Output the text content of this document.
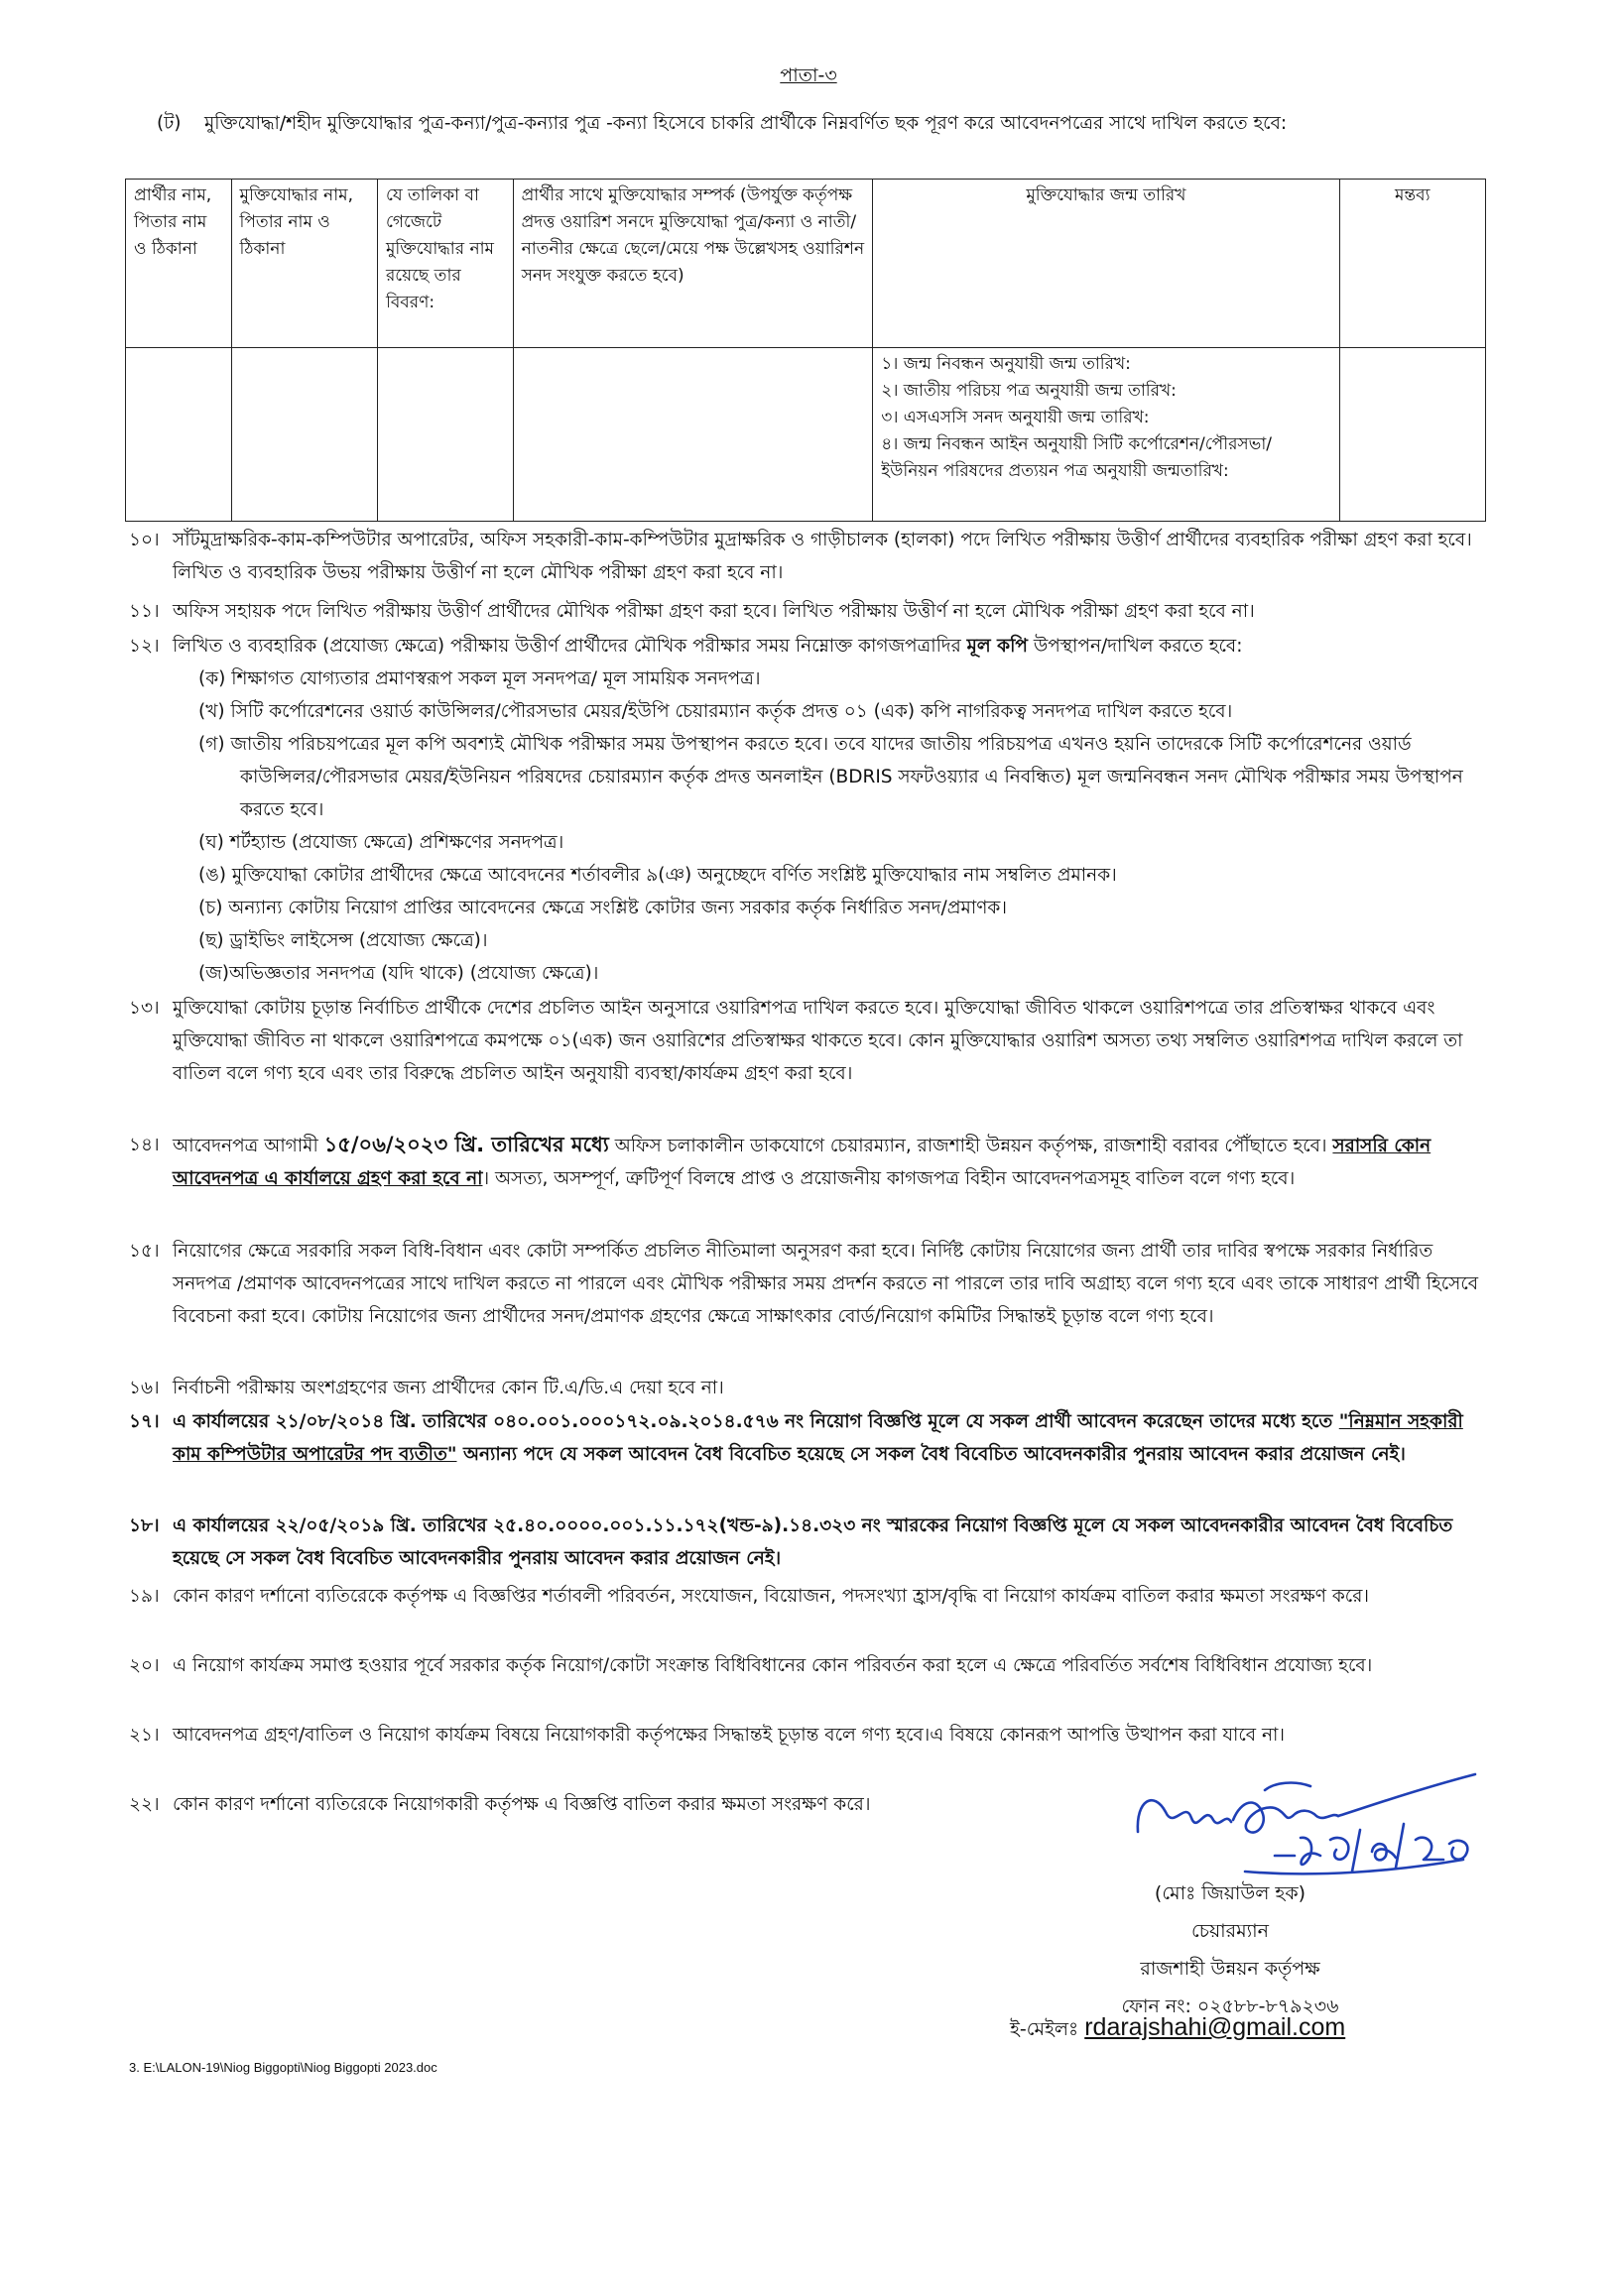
পাতা-৩
(ট)	মুক্তিযোদ্ধা/শহীদ মুক্তিযোদ্ধার পুত্র-কন্যা/পুত্র-কন্যার পুত্র -কন্যা হিসেবে চাকরি প্রার্থীকে নিম্নবর্ণিত ছক পূরণ করে আবেদনপত্রের সাথে দাখিল করতে হবে:
প্রার্থীর নাম, পিতার নাম ও ঠিকানা	মুক্তিযোদ্ধার নাম, পিতার নাম ও ঠিকানা	যে তালিকা বা গেজেটে মুক্তিযোদ্ধার নাম রয়েছে তার বিবরণ:	প্রার্থীর সাথে মুক্তিযোদ্ধার সম্পর্ক (উপর্যুক্ত কর্তৃপক্ষ প্রদত্ত ওয়ারিশ সনদে মুক্তিযোদ্ধা পুত্র/কন্যা ও নাতী/নাতনীর ক্ষেত্রে ছেলে/মেয়ে পক্ষ উল্লেখসহ ওয়ারিশন সনদ সংযুক্ত করতে হবে)	মুক্তিযোদ্ধার জন্ম তারিখ	মন্তব্য

				১। জন্ম নিবন্ধন অনুযায়ী জন্ম তারিখ:
২। জাতীয় পরিচয় পত্র অনুযায়ী জন্ম তারিখ:
৩। এসএসসি সনদ অনুযায়ী জন্ম তারিখ:
৪। জন্ম নিবন্ধন আইন অনুযায়ী সিটি কর্পোরেশন/পৌরসভা/ ইউনিয়ন পরিষদের প্রত্যয়ন পত্র অনুযায়ী জন্মতারিখ:	

১০। সাঁটমুদ্রাক্ষরিক-কাম-কম্পিউটার অপারেটর, অফিস সহকারী-কাম-কম্পিউটার মুদ্রাক্ষরিক ও গাড়ীচালক (হালকা) পদে লিখিত পরীক্ষায় উত্তীর্ণ প্রার্থীদের ব্যবহারিক পরীক্ষা গ্রহণ করা হবে। লিখিত ও ব্যবহারিক উভয় পরীক্ষায় উত্তীর্ণ না হলে মৌখিক পরীক্ষা গ্রহণ করা হবে না।
১১। অফিস সহায়ক পদে লিখিত পরীক্ষায় উত্তীর্ণ প্রার্থীদের মৌখিক পরীক্ষা গ্রহণ করা হবে। লিখিত পরীক্ষায় উত্তীর্ণ না হলে মৌখিক পরীক্ষা গ্রহণ করা হবে না।
১২। লিখিত ও ব্যবহারিক (প্রযোজ্য ক্ষেত্রে) পরীক্ষায় উত্তীর্ণ প্রার্থীদের মৌখিক পরীক্ষার সময় নিম্নোক্ত কাগজপত্রাদির মূল কপি উপস্থাপন/দাখিল করতে হবে:
(ক) শিক্ষাগত যোগ্যতার প্রমাণস্বরূপ সকল মূল সনদপত্র/ মূল সাময়িক সনদপত্র।
(খ) সিটি কর্পোরেশনের ওয়ার্ড কাউন্সিলর/পৌরসভার মেয়র/ইউপি চেয়ারম্যান কর্তৃক প্রদত্ত ০১ (এক) কপি নাগরিকত্ব সনদপত্র দাখিল করতে হবে।
(গ) জাতীয় পরিচয়পত্রের মূল কপি অবশ্যই মৌখিক পরীক্ষার সময় উপস্থাপন করতে হবে। তবে যাদের জাতীয় পরিচয়পত্র এখনও হয়নি তাদেরকে সিটি কর্পোরেশনের ওয়ার্ড কাউন্সিলর/পৌরসভার মেয়র/ইউনিয়ন পরিষদের চেয়ারম্যান কর্তৃক প্রদত্ত অনলাইন (BDRIS সফটওয়্যার এ নিবন্ধিত) মূল জন্মনিবন্ধন সনদ মৌখিক পরীক্ষার সময় উপস্থাপন করতে হবে।
(ঘ) শর্টহ্যান্ড (প্রযোজ্য ক্ষেত্রে) প্রশিক্ষণের সনদপত্র।
(ঙ) মুক্তিযোদ্ধা কোটার প্রার্থীদের ক্ষেত্রে আবেদনের শর্তাবলীর ৯(ঞ) অনুচ্ছেদে বর্ণিত সংশ্লিষ্ট মুক্তিযোদ্ধার নাম সম্বলিত প্রমানক।
(চ) অন্যান্য কোটায় নিয়োগ প্রাপ্তির আবেদনের ক্ষেত্রে সংশ্লিষ্ট কোটার জন্য সরকার কর্তৃক নির্ধারিত সনদ/প্রমাণক।
(ছ) ড্রাইভিং লাইসেন্স (প্রযোজ্য ক্ষেত্রে)।
(জ)অভিজ্ঞতার সনদপত্র (যদি থাকে) (প্রযোজ্য ক্ষেত্রে)।
১৩। মুক্তিযোদ্ধা কোটায় চূড়ান্ত নির্বাচিত প্রার্থীকে দেশের প্রচলিত আইন অনুসারে ওয়ারিশপত্র দাখিল করতে হবে। মুক্তিযোদ্ধা জীবিত থাকলে ওয়ারিশপত্রে তার প্রতিস্বাক্ষর থাকবে এবং মুক্তিযোদ্ধা জীবিত না থাকলে ওয়ারিশপত্রে কমপক্ষে ০১(এক) জন ওয়ারিশের প্রতিস্বাক্ষর থাকতে হবে। কোন মুক্তিযোদ্ধার ওয়ারিশ অসত্য তথ্য সম্বলিত ওয়ারিশপত্র দাখিল করলে তা বাতিল বলে গণ্য হবে এবং তার বিরুদ্ধে প্রচলিত আইন অনুযায়ী ব্যবস্থা/কার্যক্রম গ্রহণ করা হবে।
১৪। আবেদনপত্র আগামী ১৫/০৬/২০২৩ খ্রি. তারিখের মধ্যে অফিস চলাকালীন ডাকযোগে চেয়ারম্যান, রাজশাহী উন্নয়ন কর্তৃপক্ষ, রাজশাহী বরাবর পৌঁছাতে হবে। সরাসরি কোন আবেদনপত্র এ কার্যালয়ে গ্রহণ করা হবে না। অসত্য, অসম্পূর্ণ, ত্রুটিপূর্ণ বিলম্বে প্রাপ্ত ও প্রয়োজনীয় কাগজপত্র বিহীন আবেদনপত্রসমূহ বাতিল বলে গণ্য হবে।
১৫। নিয়োগের ক্ষেত্রে সরকারি সকল বিধি-বিধান এবং কোটা সম্পর্কিত প্রচলিত নীতিমালা অনুসরণ করা হবে। নির্দিষ্ট কোটায় নিয়োগের জন্য প্রার্থী তার দাবির স্বপক্ষে সরকার নির্ধারিত সনদপত্র /প্রমাণক আবেদনপত্রের সাথে দাখিল করতে না পারলে এবং মৌখিক পরীক্ষার সময় প্রদর্শন করতে না পারলে তার দাবি অগ্রাহ্য বলে গণ্য হবে এবং তাকে সাধারণ প্রার্থী হিসেবে বিবেচনা করা হবে। কোটায় নিয়োগের জন্য প্রার্থীদের সনদ/প্রমাণক গ্রহণের ক্ষেত্রে সাক্ষাৎকার বোর্ড/নিয়োগ কমিটির সিদ্ধান্তই চূড়ান্ত বলে গণ্য হবে।
১৬। নির্বাচনী পরীক্ষায় অংশগ্রহণের জন্য প্রার্থীদের কোন টি.এ/ডি.এ দেয়া হবে না।
১৭। এ কার্যালয়ের ২১/০৮/২০১৪ খ্রি. তারিখের ০৪০.০০১.০০০১৭২.০৯.২০১৪.৫৭৬ নং নিয়োগ বিজ্ঞপ্তি মূলে যে সকল প্রার্থী আবেদন করেছেন তাদের মধ্যে হতে "নিম্নমান সহকারী কাম কম্পিউটার অপারেটর পদ ব্যতীত" অন্যান্য পদে যে সকল আবেদন বৈধ বিবেচিত হয়েছে সে সকল বৈধ বিবেচিত আবেদনকারীর পুনরায় আবেদন করার প্রয়োজন নেই।
১৮। এ কার্যালয়ের ২২/০৫/২০১৯ খ্রি. তারিখের ২৫.৪০.০০০০.০০১.১১.১৭২(খন্ড-৯).১৪.৩২৩ নং স্মারকের নিয়োগ বিজ্ঞপ্তি মূলে যে সকল আবেদনকারীর আবেদন বৈধ বিবেচিত হয়েছে সে সকল বৈধ বিবেচিত আবেদনকারীর পুনরায় আবেদন করার প্রয়োজন নেই।
১৯। কোন কারণ দর্শানো ব্যতিরেকে কর্তৃপক্ষ এ বিজ্ঞপ্তির শর্তাবলী পরিবর্তন, সংযোজন, বিয়োজন, পদসংখ্যা হ্রাস/বৃদ্ধি বা নিয়োগ কার্যক্রম বাতিল করার ক্ষমতা সংরক্ষণ করে।
২০। এ নিয়োগ কার্যক্রম সমাপ্ত হওয়ার পূর্বে সরকার কর্তৃক নিয়োগ/কোটা সংক্রান্ত বিধিবিধানের কোন পরিবর্তন করা হলে এ ক্ষেত্রে পরিবর্তিত সর্বশেষ বিধিবিধান প্রযোজ্য হবে।
২১। আবেদনপত্র গ্রহণ/বাতিল ও নিয়োগ কার্যক্রম বিষয়ে নিয়োগকারী কর্তৃপক্ষের সিদ্ধান্তই চূড়ান্ত বলে গণ্য হবে।এ বিষয়ে কোনরূপ আপত্তি উত্থাপন করা যাবে না।
২২। কোন কারণ দর্শানো ব্যতিরেকে নিয়োগকারী কর্তৃপক্ষ এ বিজ্ঞপ্তি বাতিল করার ক্ষমতা সংরক্ষণ করে।
(মোঃ জিয়াউল হক)
চেয়ারম্যান
রাজশাহী উন্নয়ন কর্তৃপক্ষ
ফোন নং: ০২৫৮৮-৮৭৯২৩৬
ই-মেইলঃ rdarajshahi@gmail.com
3. E:\LALON-19\Niog Biggopti\Niog Biggopti 2023.doc
